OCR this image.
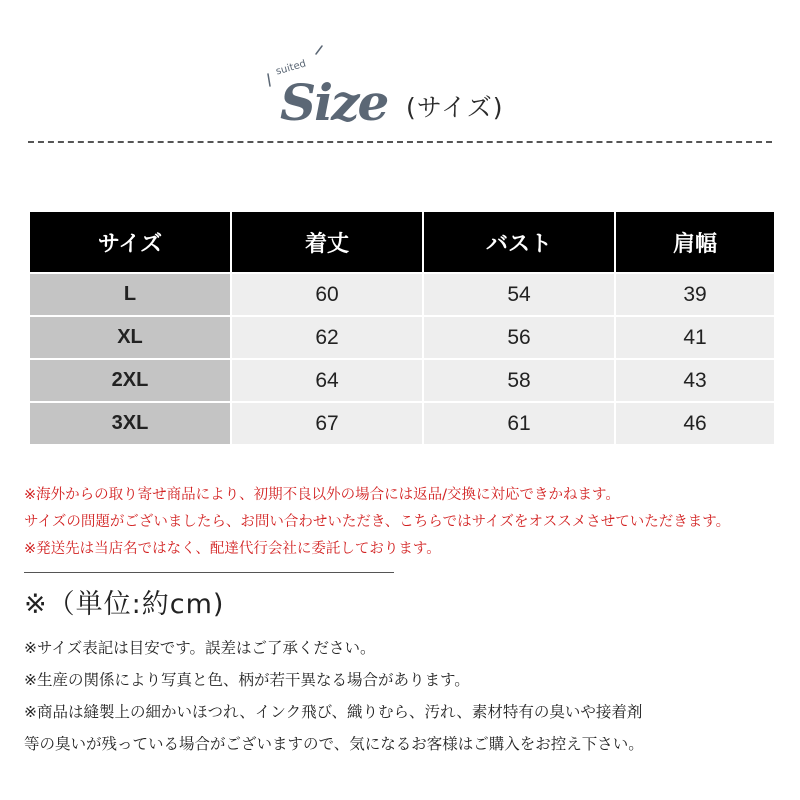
suited
Size (サイズ)
サイズ	着丈	バスト	肩幅
L	60	54	39
XL	62	56	41
2XL	64	58	43
3XL	67	61	46
※海外からの取り寄せ商品により、初期不良以外の場合には返品/交換に対応できかねます。
サイズの問題がございましたら、お問い合わせいただき、こちらではサイズをオススメさせていただきます。
※発送先は当店名ではなく、配達代行会社に委託しております。
※（単位:約cm)
※サイズ表記は目安です。誤差はご了承ください。
※生産の関係により写真と色、柄が若干異なる場合があります。
※商品は縫製上の細かいほつれ、インク飛び、織りむら、汚れ、素材特有の臭いや接着剤
等の臭いが残っている場合がございますので、気になるお客様はご購入をお控え下さい。
